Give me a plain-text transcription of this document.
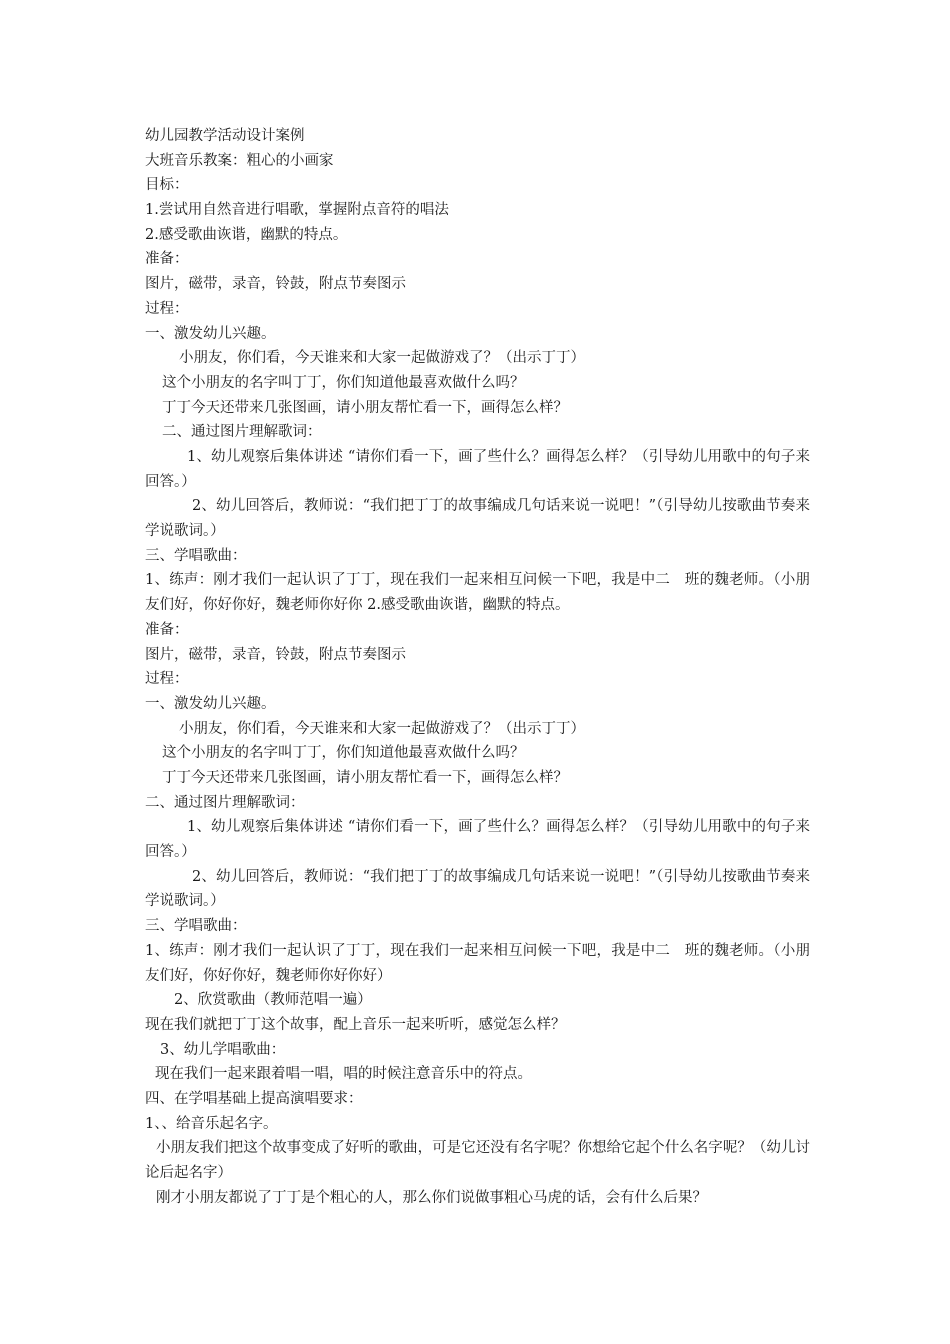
幼儿园教学活动设计案例
大班音乐教案：粗心的小画家
目标：
1.尝试用自然音进行唱歌，掌握附点音符的唱法
2.感受歌曲诙谐，幽默的特点。
准备：
图片，磁带，录音，铃鼓，附点节奏图示
过程：
一、激发幼儿兴趣。
小朋友，你们看，今天谁来和大家一起做游戏了？（出示丁丁）
这个小朋友的名字叫丁丁，你们知道他最喜欢做什么吗？
丁丁今天还带来几张图画，请小朋友帮忙看一下，画得怎么样？
二、通过图片理解歌词：
1、幼儿观察后集体讲述 “请你们看一下，画了些什么？画得怎么样？（引导幼儿用歌中的句子来回答。）
2、幼儿回答后，教师说：“我们把丁丁的故事编成几句话来说一说吧！”（引导幼儿按歌曲节奏来学说歌词。）
三、学唱歌曲：
1、练声：刚才我们一起认识了丁丁，现在我们一起来相互问候一下吧，我是中二　班的魏老师。（小朋友们好，你好你好，魏老师你好你 2.感受歌曲诙谐，幽默的特点。
准备：
图片，磁带，录音，铃鼓，附点节奏图示
过程：
一、激发幼儿兴趣。
小朋友，你们看，今天谁来和大家一起做游戏了？（出示丁丁）
这个小朋友的名字叫丁丁，你们知道他最喜欢做什么吗？
丁丁今天还带来几张图画，请小朋友帮忙看一下，画得怎么样？
二、通过图片理解歌词：
1、幼儿观察后集体讲述 “请你们看一下，画了些什么？画得怎么样？（引导幼儿用歌中的句子来回答。）
2、幼儿回答后，教师说：“我们把丁丁的故事编成几句话来说一说吧！”（引导幼儿按歌曲节奏来学说歌词。）
三、学唱歌曲：
1、练声：刚才我们一起认识了丁丁，现在我们一起来相互问候一下吧，我是中二　班的魏老师。（小朋友们好，你好你好，魏老师你好你好）
2、欣赏歌曲（教师范唱一遍）
现在我们就把丁丁这个故事，配上音乐一起来听听，感觉怎么样？
3、幼儿学唱歌曲：
现在我们一起来跟着唱一唱，唱的时候注意音乐中的符点。
四、在学唱基础上提高演唱要求：
1、、给音乐起名字。
小朋友我们把这个故事变成了好听的歌曲，可是它还没有名字呢？你想给它起个什么名字呢？（幼儿讨论后起名字）
刚才小朋友都说了丁丁是个粗心的人，那么你们说做事粗心马虎的话，会有什么后果？
